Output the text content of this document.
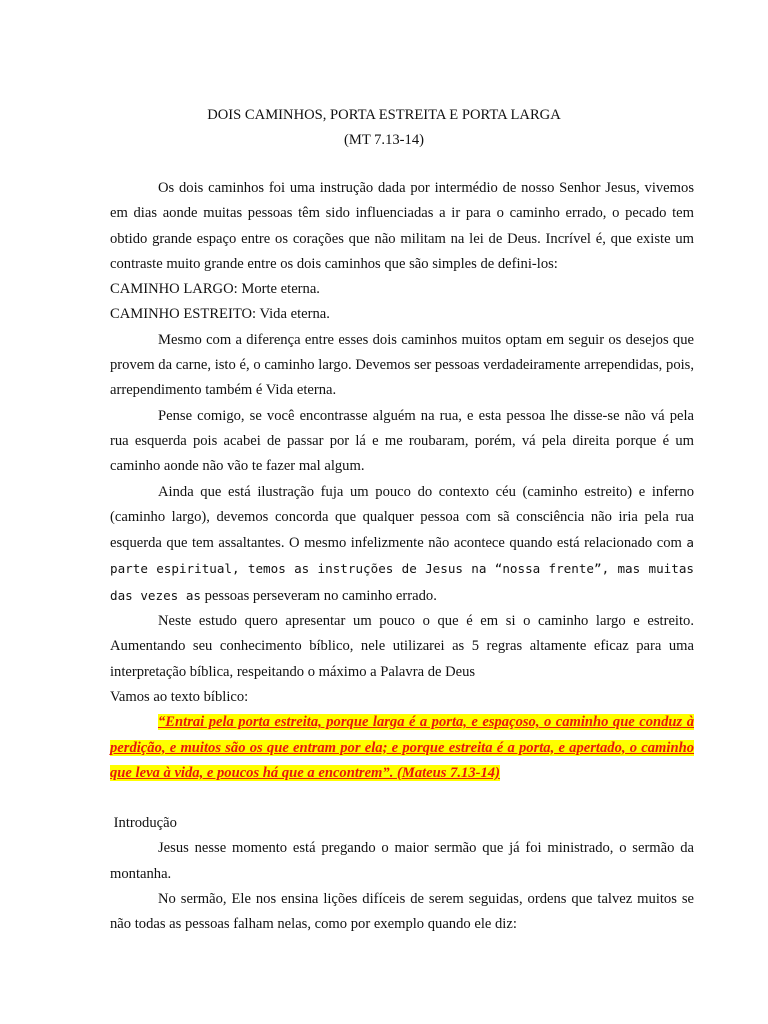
DOIS CAMINHOS, PORTA ESTREITA E PORTA LARGA
(MT 7.13-14)

Os dois caminhos foi uma instrução dada por intermédio de nosso Senhor Jesus, vivemos em dias aonde muitas pessoas têm sido influenciadas a ir para o caminho errado, o pecado tem obtido grande espaço entre os corações que não militam na lei de Deus. Incrível é, que existe um contraste muito grande entre os dois caminhos que são simples de defini-los:

CAMINHO LARGO: Morte eterna.

CAMINHO ESTREITO: Vida eterna.

Mesmo com a diferença entre esses dois caminhos muitos optam em seguir os desejos que provem da carne, isto é, o caminho largo. Devemos ser pessoas verdadeiramente arrependidas, pois, arrependimento também é Vida eterna.

Pense comigo, se você encontrasse alguém na rua, e esta pessoa lhe disse-se não vá pela rua esquerda pois acabei de passar por lá e me roubaram, porém, vá pela direita porque é um caminho aonde não vão te fazer mal algum.

Ainda que está ilustração fuja um pouco do contexto céu (caminho estreito) e inferno (caminho largo), devemos concorda que qualquer pessoa com sã consciência não iria pela rua esquerda que tem assaltantes. O mesmo infelizmente não acontece quando está relacionado com a parte espiritual, temos as instruções de Jesus na “nossa frente”, mas muitas das vezes as pessoas perseveram no caminho errado.

Neste estudo quero apresentar um pouco o que é em si o caminho largo e estreito. Aumentando seu conhecimento bíblico, nele utilizarei as 5 regras altamente eficaz para uma interpretação bíblica, respeitando o máximo a Palavra de Deus

Vamos ao texto bíblico:

“Entrai pela porta estreita, porque larga é a porta, e espaçoso, o caminho que conduz à perdição, e muitos são os que entram por ela; e porque estreita é a porta, e apertado, o caminho que leva à vida, e poucos há que a encontrem”. (Mateus 7.13-14)

Introdução

Jesus nesse momento está pregando o maior sermão que já foi ministrado, o sermão da montanha.

No sermão, Ele nos ensina lições difíceis de serem seguidas, ordens que talvez muitos se não todas as pessoas falham nelas, como por exemplo quando ele diz:
